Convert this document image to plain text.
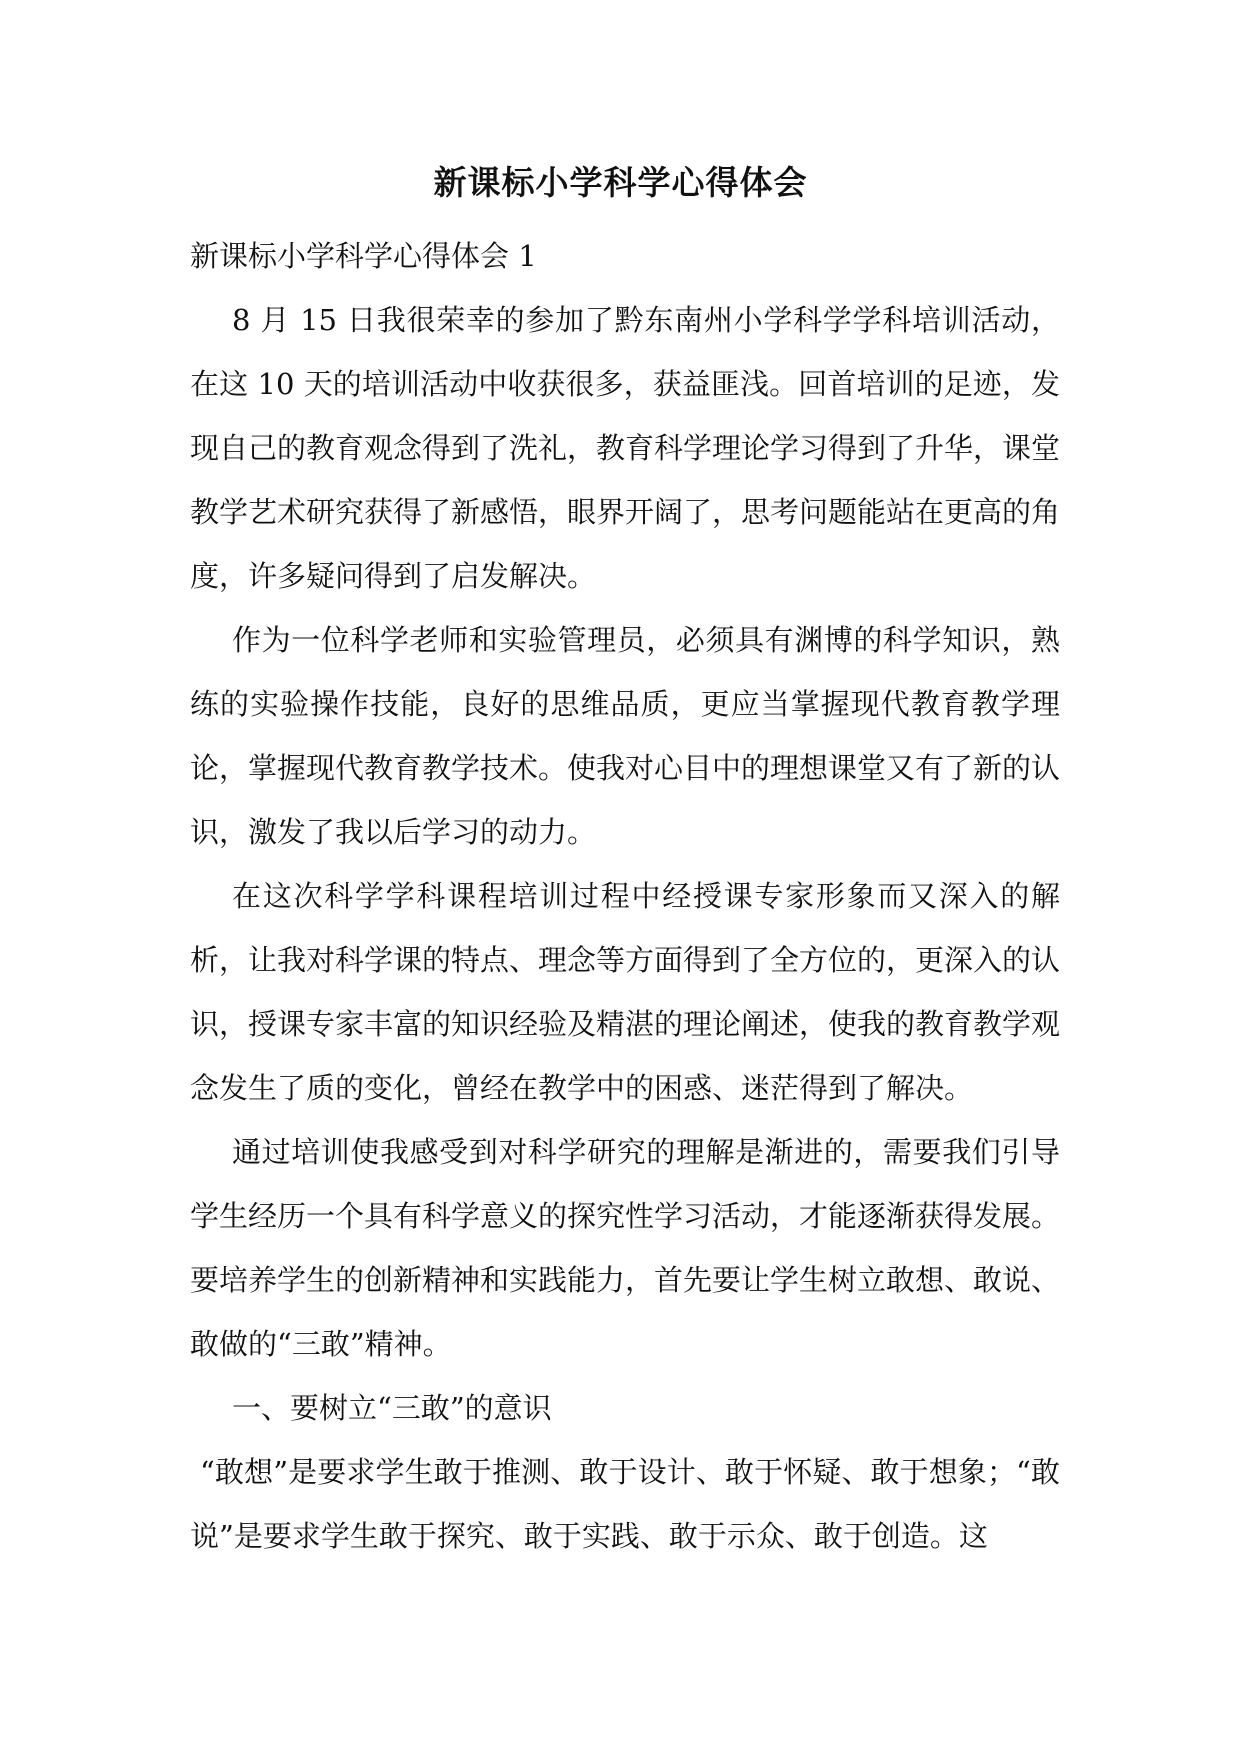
新课标小学科学心得体会

新课标小学科学心得体会 1

8 月 15 日我很荣幸的参加了黔东南州小学科学学科培训活动，在这 10 天的培训活动中收获很多，获益匪浅。回首培训的足迹，发现自己的教育观念得到了洗礼，教育科学理论学习得到了升华，课堂教学艺术研究获得了新感悟，眼界开阔了，思考问题能站在更高的角度，许多疑问得到了启发解决。

作为一位科学老师和实验管理员，必须具有渊博的科学知识，熟练的实验操作技能，良好的思维品质，更应当掌握现代教育教学理论，掌握现代教育教学技术。使我对心目中的理想课堂又有了新的认识，激发了我以后学习的动力。

在这次科学学科课程培训过程中经授课专家形象而又深入的解析，让我对科学课的特点、理念等方面得到了全方位的，更深入的认识，授课专家丰富的知识经验及精湛的理论阐述，使我的教育教学观念发生了质的变化，曾经在教学中的困惑、迷茫得到了解决。

通过培训使我感受到对科学研究的理解是渐进的，需要我们引导学生经历一个具有科学意义的探究性学习活动，才能逐渐获得发展。要培养学生的创新精神和实践能力，首先要让学生树立敢想、敢说、敢做的“三敢”精神。

一、要树立“三敢”的意识

“敢想”是要求学生敢于推测、敢于设计、敢于怀疑、敢于想象；“敢说”是要求学生敢于探究、敢于实践、敢于示众、敢于创造。这
